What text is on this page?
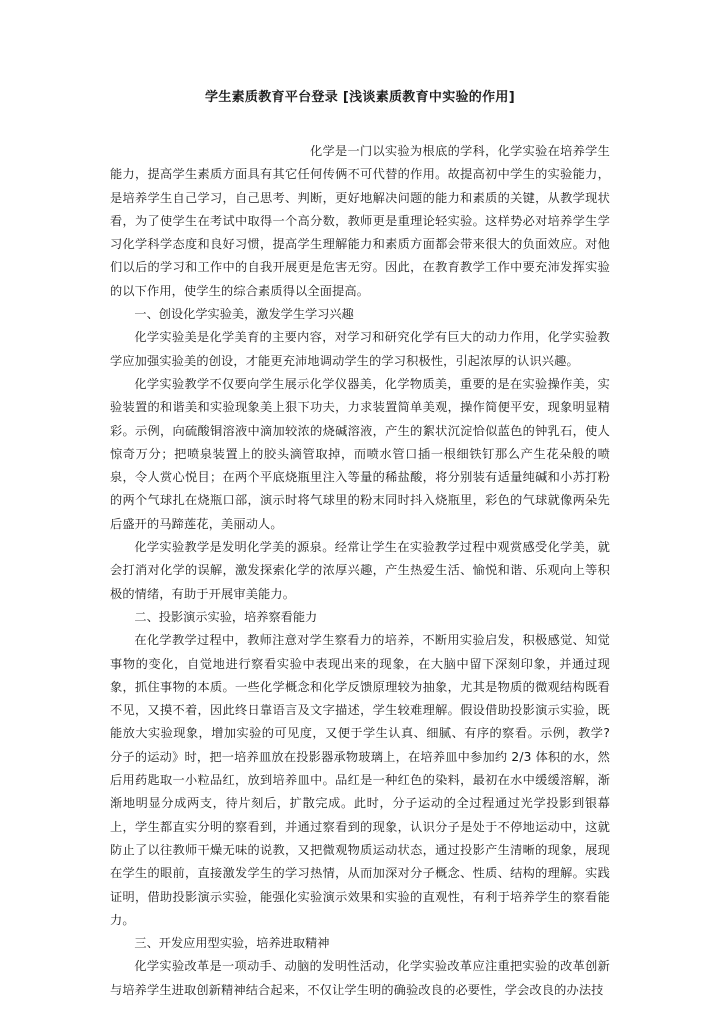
学生素质教育平台登录 [浅谈素质教育中实验的作用]

化学是一门以实验为根底的学科，化学实验在培养学生能力，提高学生素质方面具有其它任何传俩不可代替的作用。故提高初中学生的实验能力，是培养学生自己学习，自己思考、判断，更好地解决问题的能力和素质的关键，从教学现状看，为了使学生在考试中取得一个高分数，教师更是重理论轻实验。这样势必对培养学生学习化学科学态度和良好习惯，提高学生理解能力和素质方面都会带来很大的负面效应。对他们以后的学习和工作中的自我开展更是危害无穷。因此，在教育教学工作中要充沛发挥实验的以下作用，使学生的综合素质得以全面提高。

一、创设化学实验美，激发学生学习兴趣

化学实验美是化学美育的主要内容，对学习和研究化学有巨大的动力作用，化学实验教学应加强实验美的创设，才能更充沛地调动学生的学习积极性，引起浓厚的认识兴趣。

化学实验教学不仅要向学生展示化学仪器美，化学物质美，重要的是在实验操作美，实验装置的和谐美和实验现象美上狠下功夫，力求装置简单美观，操作简便平安，现象明显精彩。示例，向硫酸铜溶液中滴加较浓的烧碱溶液，产生的絮状沉淀恰似蓝色的钟乳石，使人惊奇万分；把喷泉装置上的胶头滴管取掉，而喷水管口插一根细铁钉那么产生花朵般的喷泉，令人赏心悦目；在两个平底烧瓶里注入等量的稀盐酸，将分别装有适量纯碱和小苏打粉的两个气球扎在烧瓶口部，演示时将气球里的粉末同时抖入烧瓶里，彩色的气球就像两朵先后盛开的马蹄莲花，美丽动人。

化学实验教学是发明化学美的源泉。经常让学生在实验教学过程中观赏感受化学美，就会打消对化学的误解，激发探索化学的浓厚兴趣，产生热爱生活、愉悦和谐、乐观向上等积极的情绪，有助于开展审美能力。

二、投影演示实验，培养察看能力

在化学教学过程中，教师注意对学生察看力的培养，不断用实验启发，积极感觉、知觉事物的变化，自觉地进行察看实验中表现出来的现象，在大脑中留下深刻印象，并通过现象，抓住事物的本质。一些化学概念和化学反馈原理较为抽象，尤其是物质的微观结构既看不见，又摸不着，因此终日靠语言及文字描述，学生较难理解。假设借助投影演示实验，既能放大实验现象，增加实验的可见度，又便于学生认真、细腻、有序的察看。示例，教学?分子的运动》时，把一培养皿放在投影器承物玻璃上，在培养皿中参加约 2/3 体积的水，然后用药匙取一小粒品红，放到培养皿中。品红是一种红色的染料，最初在水中缓缓溶解，渐渐地明显分成两支，待片刻后，扩散完成。此时，分子运动的全过程通过光学投影到银幕上，学生都直实分明的察看到，并通过察看到的现象，认识分子是处于不停地运动中，这就防止了以往教师干燥无味的说教，又把微观物质运动状态，通过投影产生清晰的现象，展现在学生的眼前，直接激发学生的学习热情，从而加深对分子概念、性质、结构的理解。实践证明，借助投影演示实验，能强化实验演示效果和实验的直观性，有利于培养学生的察看能力。

三、开发应用型实验，培养进取精神

化学实验改革是一项动手、动脑的发明性活动，化学实验改革应注重把实验的改革创新与培养学生进取创新精神结合起来，不仅让学生明的确验改良的必要性，学会改良的办法技
